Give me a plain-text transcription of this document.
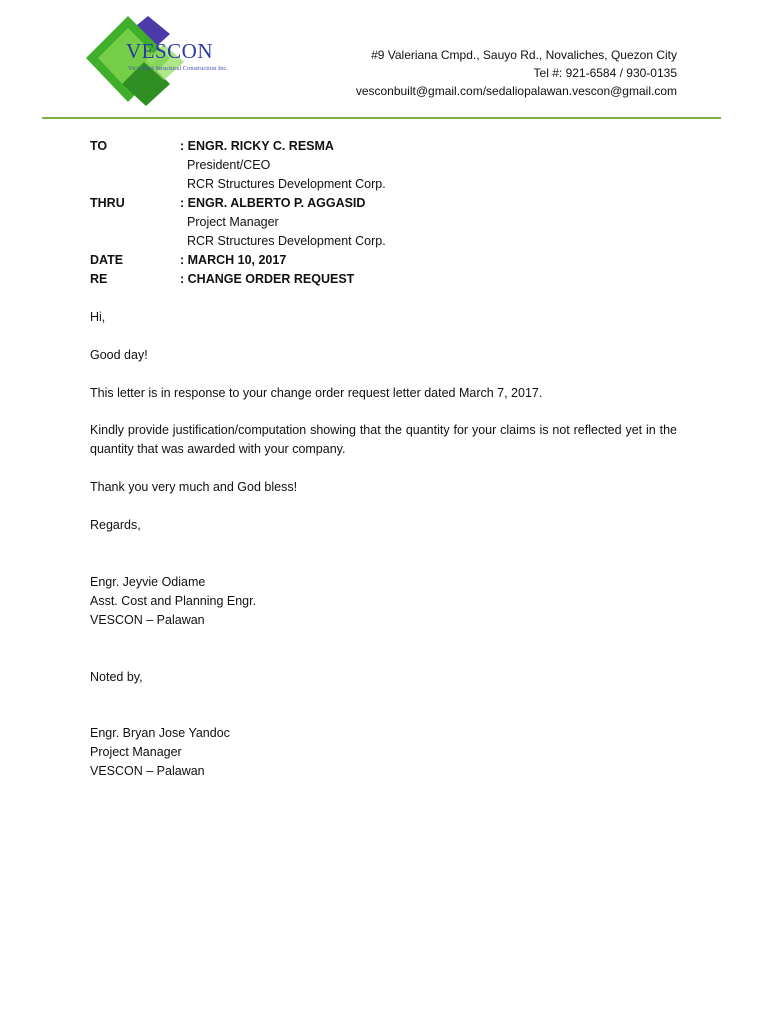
VESCON
Vic's Best Structural Construction Inc.
#9 Valeriana Cmpd., Sauyo Rd., Novaliches, Quezon City
Tel #: 921-6584 / 930-0135
vesconbuilt@gmail.com/sedaliopalawan.vescon@gmail.com
TO	: ENGR. RICKY C. RESMA
President/CEO
RCR Structures Development Corp.
THRU	: ENGR. ALBERTO P. AGGASID
Project Manager
RCR Structures Development Corp.
DATE	: MARCH 10, 2017
RE	: CHANGE ORDER REQUEST
Hi,
Good day!
This letter is in response to your change order request letter dated March 7, 2017.
Kindly provide justification/computation showing that the quantity for your claims is not reflected yet in the quantity that was awarded with your company.
Thank you very much and God bless!
Regards,
Engr. Jeyvie Odiame
Asst. Cost and Planning Engr.
VESCON – Palawan
Noted by,
Engr. Bryan Jose Yandoc
Project Manager
VESCON – Palawan
